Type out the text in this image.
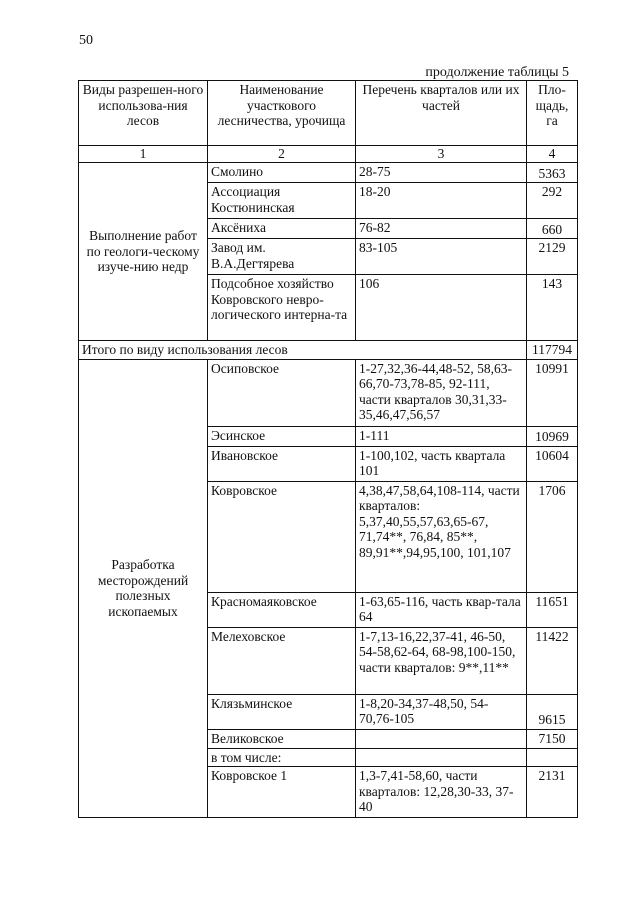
50
продолжение таблицы 5
Виды разрешен-ного использова-ния лесов	Наименование участкового лесничества, урочища	Перечень кварталов или их частей	Пло-щадь, га
1	2	3	4
Выполнение работ по геологи-ческому изуче-нию недр	Смолино	28-75	5363
	Ассоциация Костюнинская	18-20	292
	Аксёниха	76-82	660
	Завод им. В.А.Дегтярева	83-105	2129
	Подсобное хозяйство Ковровского невро-логического интерна-та	106	143
Итого по виду использования лесов			117794
Разработка месторождений полезных ископаемых	Осиповское	1-27,32,36-44,48-52, 58,63-66,70-73,78-85, 92-111, части кварталов 30,31,33-35,46,47,56,57	10991
	Эсинское	1-111	10969
	Ивановское	1-100,102, часть квартала 101	10604
	Ковровское	4,38,47,58,64,108-114, части кварталов: 5,37,40,55,57,63,65-67, 71,74**, 76,84, 85**, 89,91**,94,95,100, 101,107	1706
	Красномаяковское	1-63,65-116, часть квар-тала 64	11651
	Мелеховское	1-7,13-16,22,37-41, 46-50, 54-58,62-64, 68-98,100-150, части кварталов: 9**,11**	11422
	Клязьминское	1-8,20-34,37-48,50, 54-70,76-105	9615
	Великовское		7150
	в том числе:		
	Ковровское 1	1,3-7,41-58,60, части кварталов: 12,28,30-33, 37-40	2131
